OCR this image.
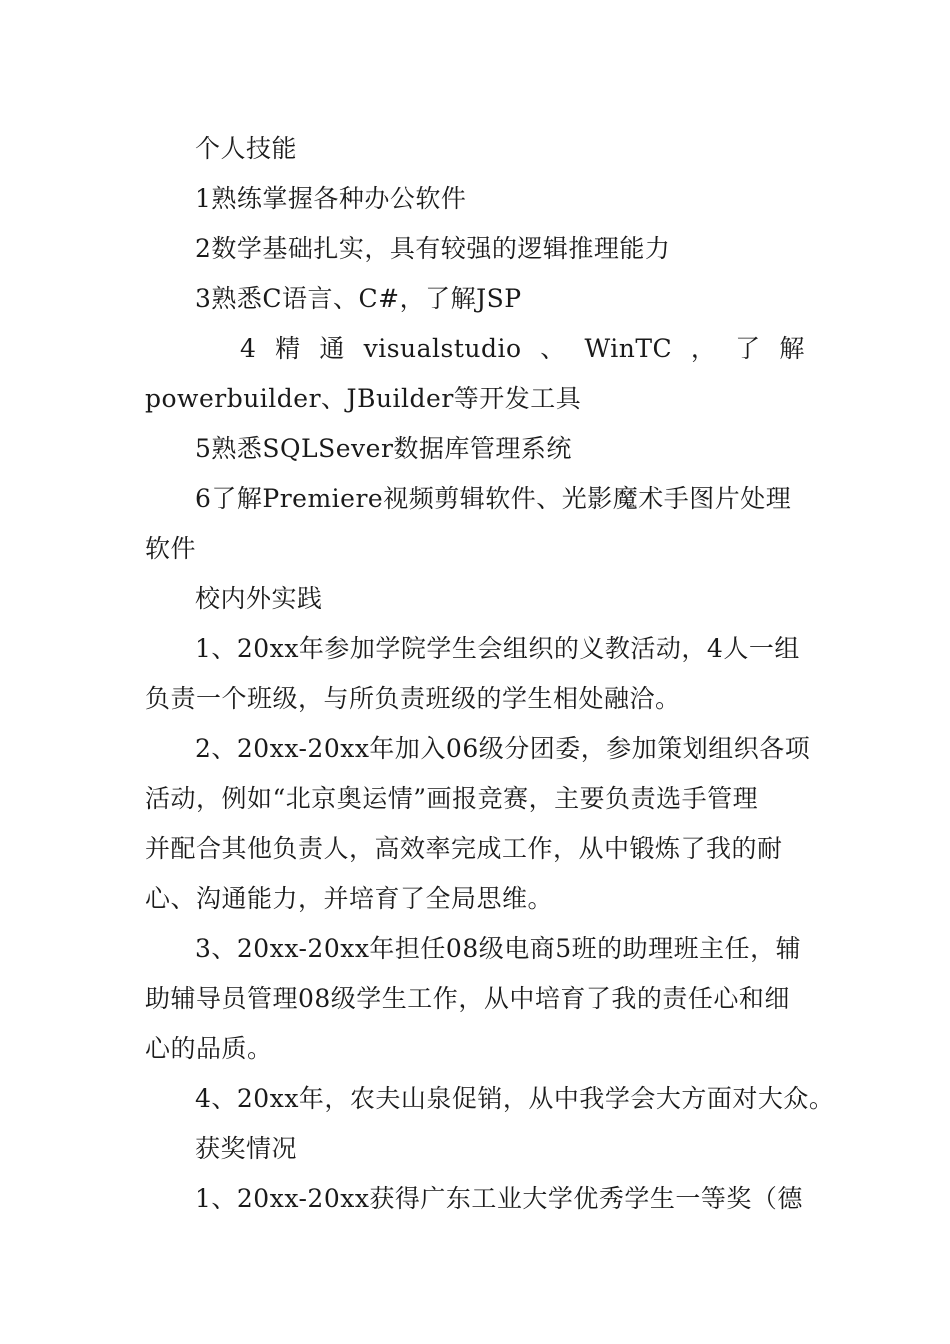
个人技能
1熟练掌握各种办公软件
2数学基础扎实，具有较强的逻辑推理能力
3熟悉C语言、C#，了解JSP
4 精 通 visualstudio 、 WinTC ， 了 解
powerbuilder、JBuilder等开发工具
5熟悉SQLSever数据库管理系统
6了解Premiere视频剪辑软件、光影魔术手图片处理
软件
校内外实践
1、20xx年参加学院学生会组织的义教活动，4人一组
负责一个班级，与所负责班级的学生相处融洽。
2、20xx-20xx年加入06级分团委，参加策划组织各项
活动，例如“北京奥运情”画报竞赛，主要负责选手管理
并配合其他负责人，高效率完成工作，从中锻炼了我的耐
心、沟通能力，并培育了全局思维。
3、20xx-20xx年担任08级电商5班的助理班主任，辅
助辅导员管理08级学生工作，从中培育了我的责任心和细
心的品质。
4、20xx年，农夫山泉促销，从中我学会大方面对大众。
获奖情况
1、20xx-20xx获得广东工业大学优秀学生一等奖（德
